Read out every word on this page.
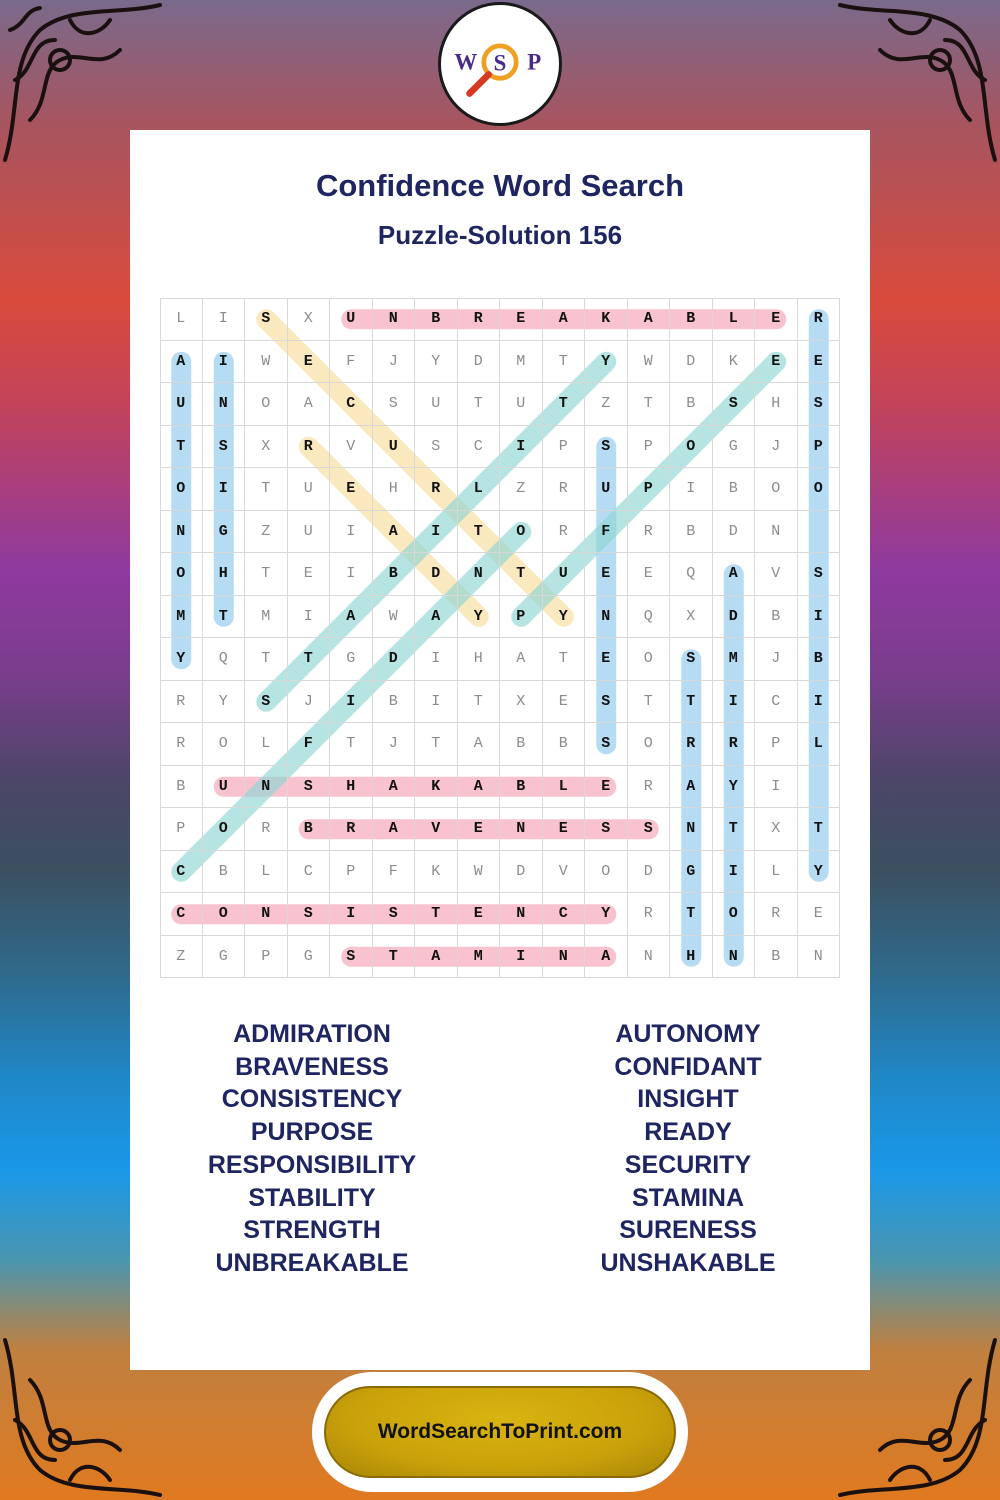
W S P
Confidence Word Search
Puzzle-Solution 156
L	I	S	X	U	N	B	R	E	A	K	A	B	L	E	R
A	I	W	E	F	J	Y	D	M	T	Y	W	D	K	E	E
U	N	O	A	C	S	U	T	U	T	Z	T	B	S	H	S
T	S	X	R	V	U	S	C	I	P	S	P	O	G	J	P
O	I	T	U	E	H	R	L	Z	R	U	P	I	B	O	O
N	G	Z	U	I	A	I	T	O	R	F	R	B	D	N
O	H	T	E	I	B	D	N	T	U	E	E	Q	A	V	S
M	T	M	I	A	W	A	Y	P	Y	N	Q	X	D	B	I
Y	Q	T	T	G	D	I	H	A	T	E	O	S	M	J	B
R	Y	S	J	I	B	I	T	X	E	S	T	T	I	C	I
R	O	L	F	T	J	T	A	B	B	S	O	R	R	P	L
B	U	N	S	H	A	K	A	B	L	E	R	A	Y	I
P	O	R	B	R	A	V	E	N	E	S	S	N	T	X	T
C	B	L	C	P	F	K	W	D	V	O	D	G	I	L	Y
C	O	N	S	I	S	T	E	N	C	Y	R	T	O	R	E
Z	G	P	G	S	T	A	M	I	N	A	N	H	N	B	N
ADMIRATION
BRAVENESS
CONSISTENCY
PURPOSE
RESPONSIBILITY
STABILITY
STRENGTH
UNBREAKABLE
AUTONOMY
CONFIDANT
INSIGHT
READY
SECURITY
STAMINA
SURENESS
UNSHAKABLE
WordSearchToPrint.com
